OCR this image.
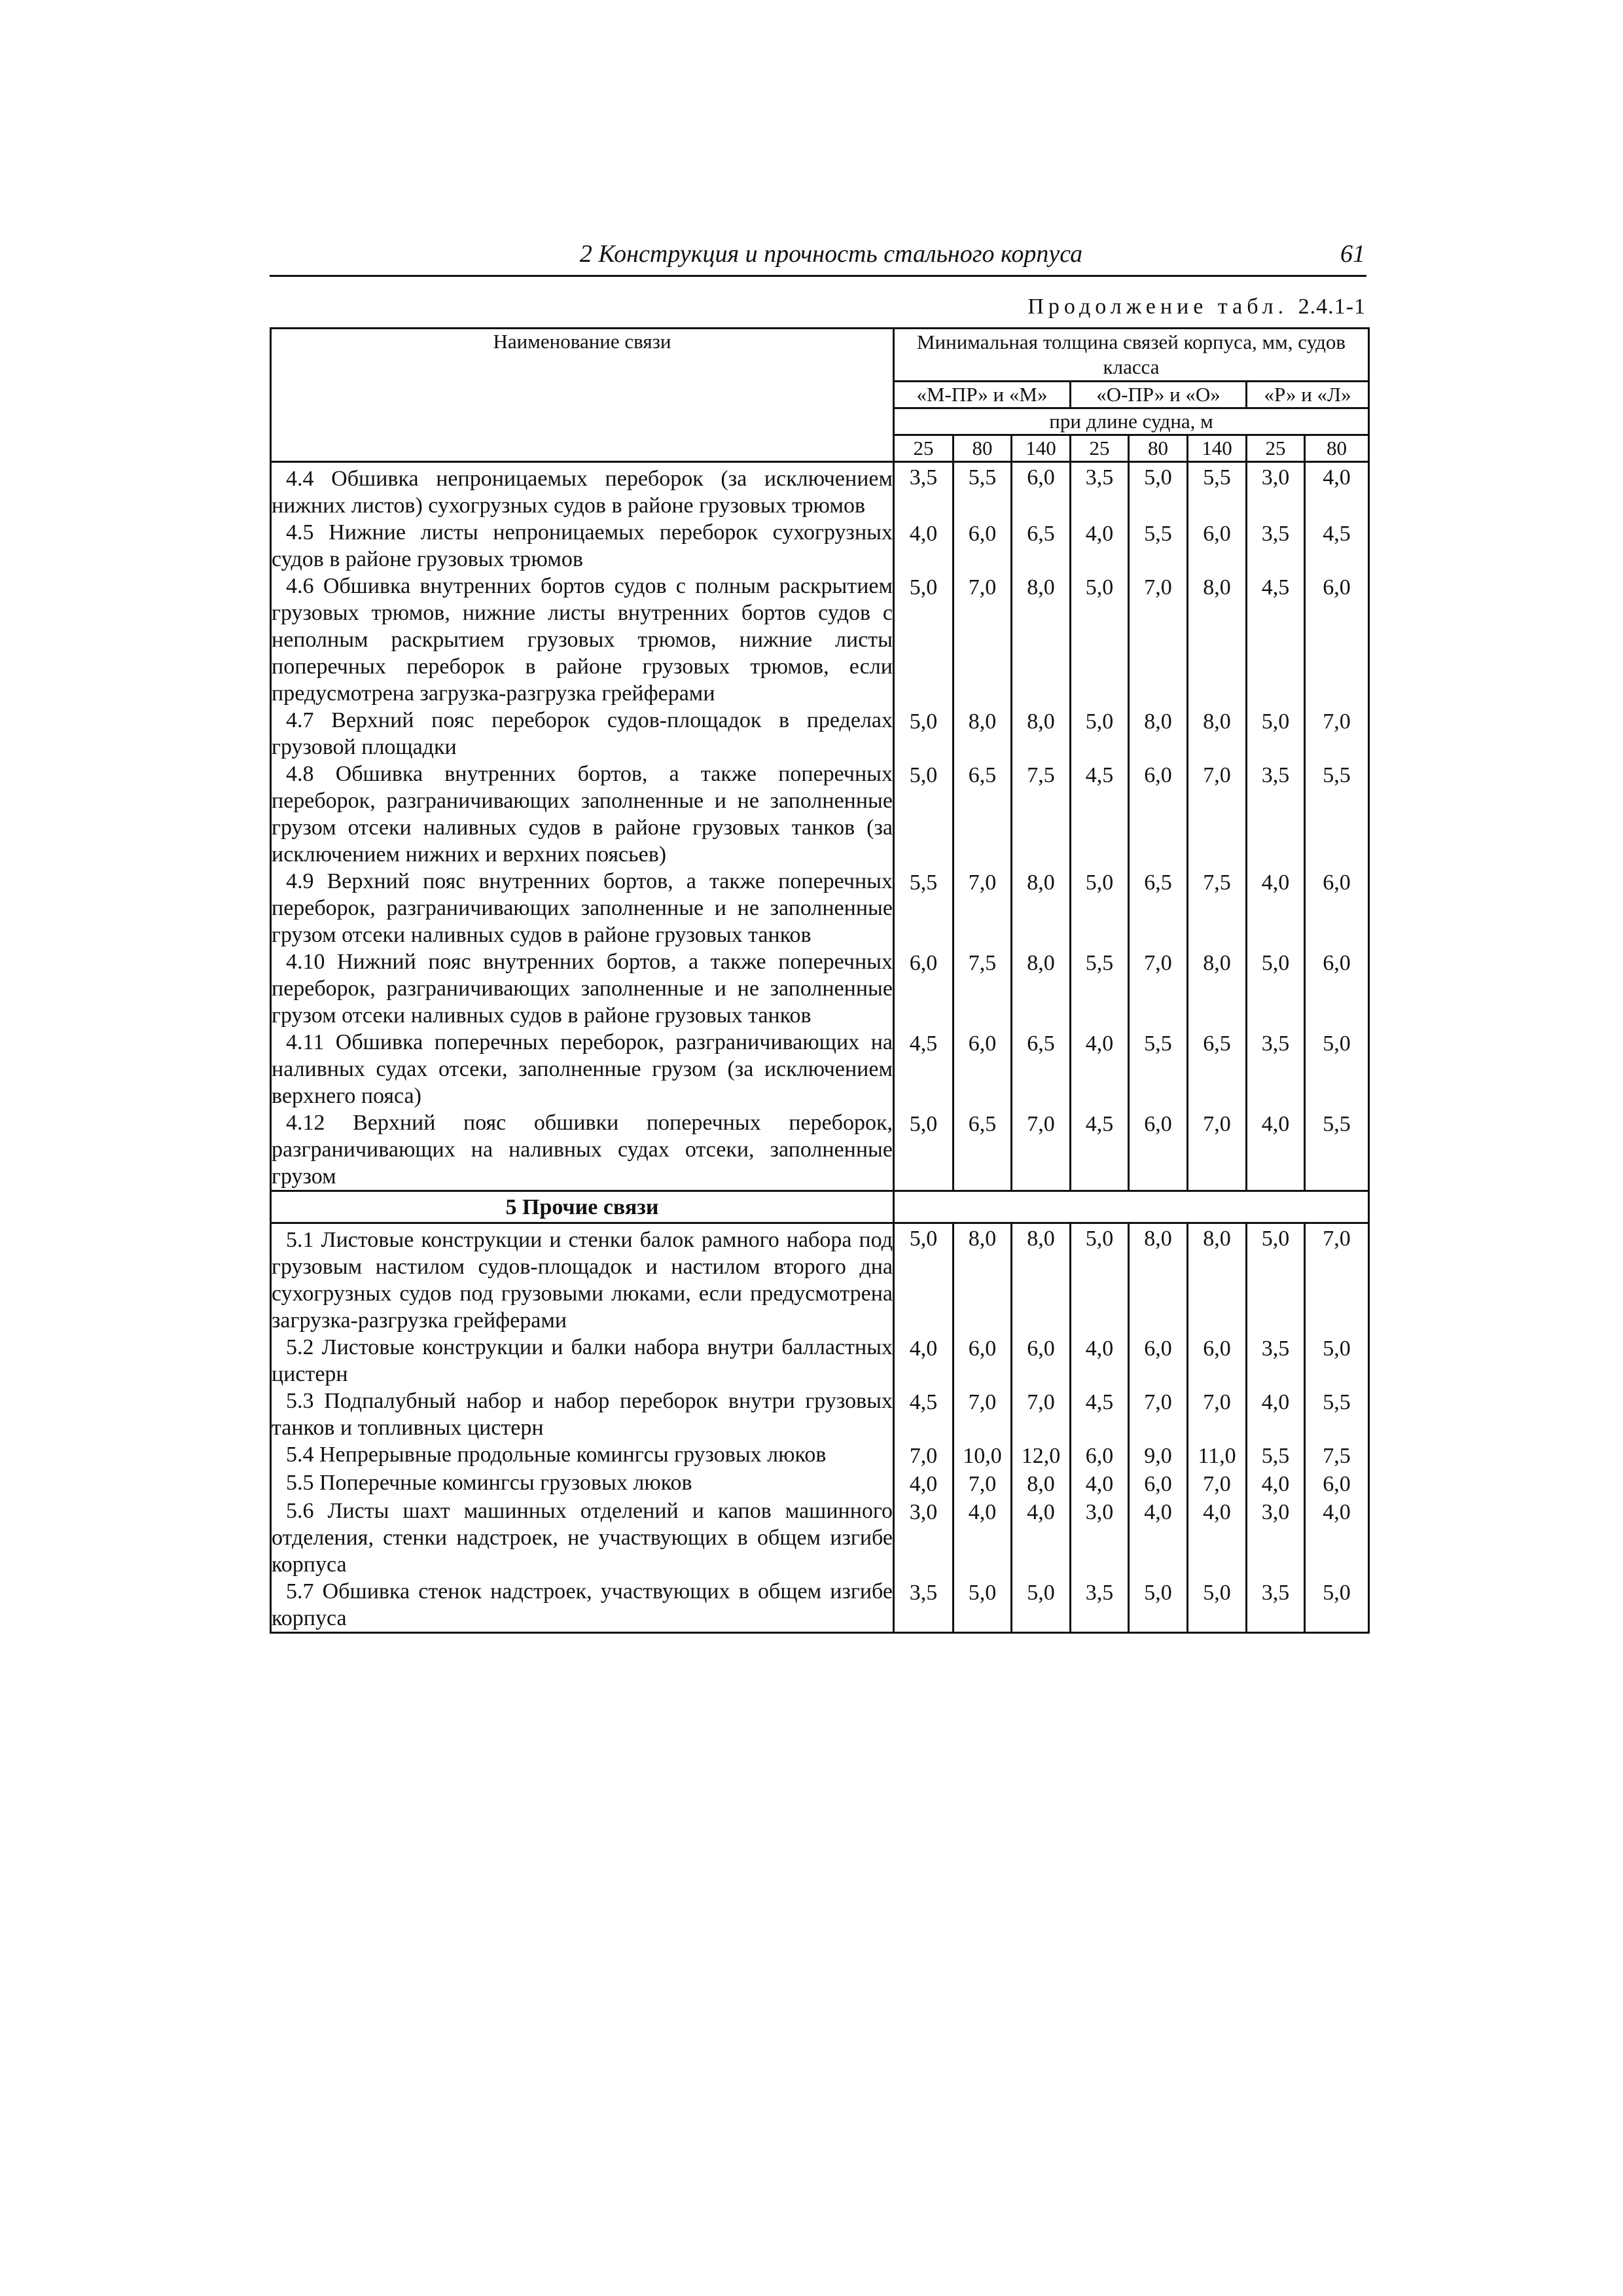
2 Конструкция и прочность стального корпуса	61
Продолжение табл. 2.4.1-1
Наименование связи	Минимальная толщина связей корпуса, мм, судов класса							
	«М-ПР» и «М»			«О-ПР» и «О»			«Р» и «Л»	
	при длине судна, м							
	25	80	140	25	80	140	25	80
4.4 Обшивка непроницаемых переборок (за исключением нижних листов) сухогрузных судов в районе грузовых трюмов	3,5	5,5	6,0	3,5	5,0	5,5	3,0	4,0
4.5 Нижние листы непроницаемых переборок сухогрузных судов в районе грузовых трюмов	4,0	6,0	6,5	4,0	5,5	6,0	3,5	4,5
4.6 Обшивка внутренних бортов судов с полным раскрытием грузовых трюмов, нижние листы внутренних бортов судов с неполным раскрытием грузовых трюмов, нижние листы поперечных переборок в районе грузовых трюмов, если предусмотрена загрузка-разгрузка грейферами	5,0	7,0	8,0	5,0	7,0	8,0	4,5	6,0
4.7 Верхний пояс переборок судов-площадок в пределах грузовой площадки	5,0	8,0	8,0	5,0	8,0	8,0	5,0	7,0
4.8 Обшивка внутренних бортов, а также поперечных переборок, разграничивающих заполненные и не заполненные грузом отсеки наливных судов в районе грузовых танков (за исключением нижних и верхних поясьев)	5,0	6,5	7,5	4,5	6,0	7,0	3,5	5,5
4.9 Верхний пояс внутренних бортов, а также поперечных переборок, разграничивающих заполненные и не заполненные грузом отсеки наливных судов в районе грузовых танков	5,5	7,0	8,0	5,0	6,5	7,5	4,0	6,0
4.10 Нижний пояс внутренних бортов, а также поперечных переборок, разграничивающих заполненные и не заполненные грузом отсеки наливных судов в районе грузовых танков	6,0	7,5	8,0	5,5	7,0	8,0	5,0	6,0
4.11 Обшивка поперечных переборок, разграничивающих на наливных судах отсеки, заполненные грузом (за исключением верхнего пояса)	4,5	6,0	6,5	4,0	5,5	6,5	3,5	5,0
4.12 Верхний пояс обшивки поперечных переборок, разграничивающих на наливных судах отсеки, заполненные грузом	5,0	6,5	7,0	4,5	6,0	7,0	4,0	5,5
5 Прочие связи								
5.1 Листовые конструкции и стенки балок рамного набора под грузовым настилом судов-площадок и настилом второго дна сухогрузных судов под грузовыми люками, если предусмотрена загрузка-разгрузка грейферами	5,0	8,0	8,0	5,0	8,0	8,0	5,0	7,0
5.2 Листовые конструкции и балки набора внутри балластных цистерн	4,0	6,0	6,0	4,0	6,0	6,0	3,5	5,0
5.3 Подпалубный набор и набор переборок внутри грузовых танков и топливных цистерн	4,5	7,0	7,0	4,5	7,0	7,0	4,0	5,5
5.4 Непрерывные продольные комингсы грузовых люков	7,0	10,0	12,0	6,0	9,0	11,0	5,5	7,5
5.5 Поперечные комингсы грузовых люков	4,0	7,0	8,0	4,0	6,0	7,0	4,0	6,0
5.6 Листы шахт машинных отделений и капов машинного отделения, стенки надстроек, не участвующих в общем изгибе корпуса	3,0	4,0	4,0	3,0	4,0	4,0	3,0	4,0
5.7 Обшивка стенок надстроек, участвующих в общем изгибе корпуса	3,5	5,0	5,0	3,5	5,0	5,0	3,5	5,0
